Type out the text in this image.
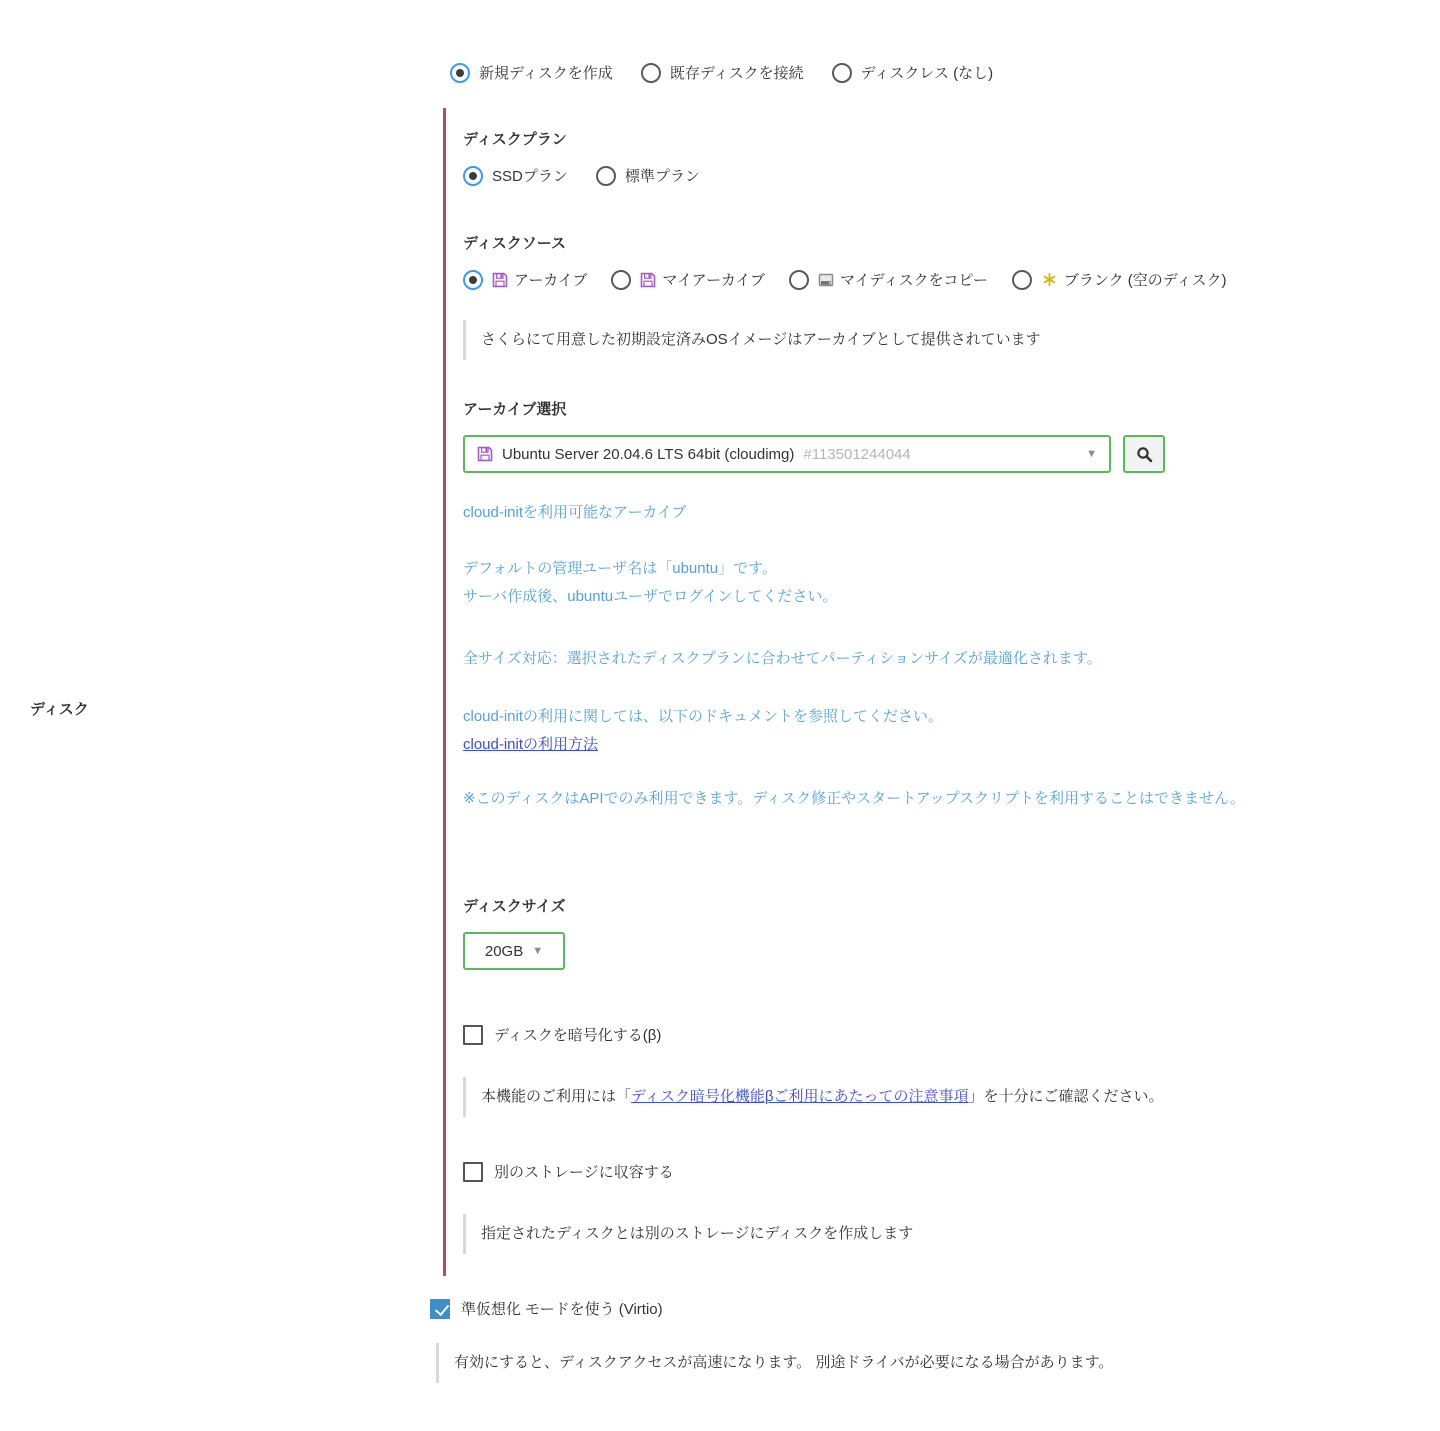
ディスク
新規ディスクを作成	既存ディスクを接続	ディスクレス (なし)
ディスクプラン
SSDプラン	標準プラン
ディスクソース
アーカイブ	マイアーカイブ	マイディスクをコピー	ブランク (空のディスク)
さくらにて用意した初期設定済みOSイメージはアーカイブとして提供されています
アーカイブ選択
Ubuntu Server 20.04.6 LTS 64bit (cloudimg) #113501244044	▼

cloud-initを利用可能なアーカイブ

デフォルトの管理ユーザ名は「ubuntu」です。

サーバ作成後、ubuntuユーザでログインしてください。

全サイズ対応：選択されたディスクプランに合わせてパーティションサイズが最適化されます。

cloud-initの利用に関しては、以下のドキュメントを参照してください。

cloud-initの利用方法

※このディスクはAPIでのみ利用できます。ディスク修正やスタートアップスクリプトを利用することはできません。

ディスクサイズ
20GB ▼
ディスクを暗号化する(β)
本機能のご利用には「ディスク暗号化機能βご利用にあたっての注意事項」を十分にご確認ください。
別のストレージに収容する
指定されたディスクとは別のストレージにディスクを作成します
準仮想化 モードを使う (Virtio)
有効にすると、ディスクアクセスが高速になります。 別途ドライバが必要になる場合があります。
